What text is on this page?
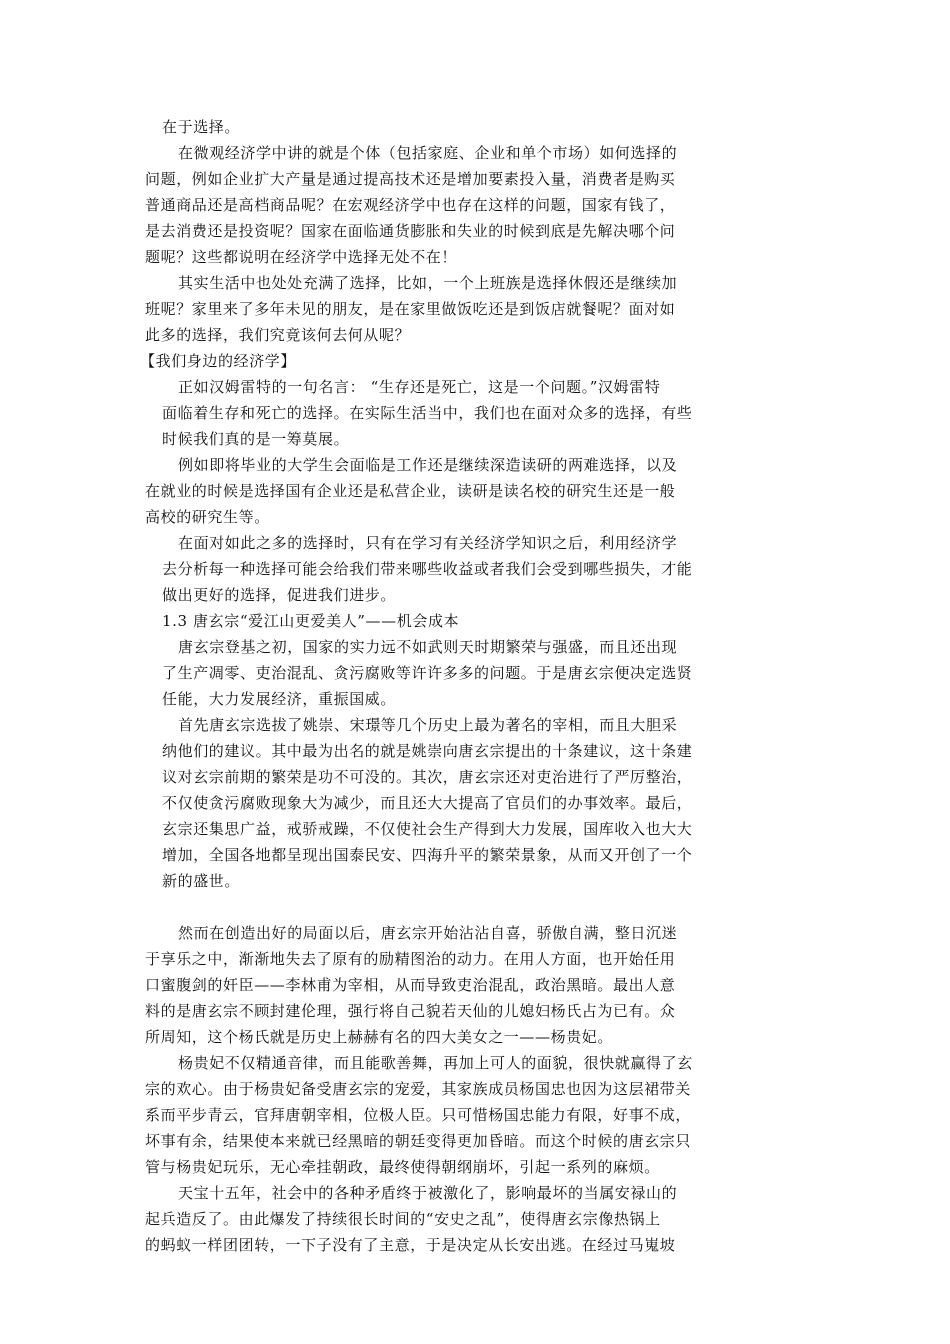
在于选择。
在微观经济学中讲的就是个体（包括家庭、企业和单个市场）如何选择的
问题，例如企业扩大产量是通过提高技术还是增加要素投入量，消费者是购买
普通商品还是高档商品呢？在宏观经济学中也存在这样的问题，国家有钱了，
是去消费还是投资呢？国家在面临通货膨胀和失业的时候到底是先解决哪个问
题呢？这些都说明在经济学中选择无处不在！
其实生活中也处处充满了选择，比如，一个上班族是选择休假还是继续加
班呢？家里来了多年未见的朋友，是在家里做饭吃还是到饭店就餐呢？面对如
此多的选择，我们究竟该何去何从呢？
【我们身边的经济学】
正如汉姆雷特的一句名言： “生存还是死亡，这是一个问题。”汉姆雷特
面临着生存和死亡的选择。在实际生活当中，我们也在面对众多的选择，有些
时候我们真的是一筹莫展。
例如即将毕业的大学生会面临是工作还是继续深造读研的两难选择，以及
在就业的时候是选择国有企业还是私营企业，读研是读名校的研究生还是一般
高校的研究生等。
在面对如此之多的选择时，只有在学习有关经济学知识之后，利用经济学
去分析每一种选择可能会给我们带来哪些收益或者我们会受到哪些损失，才能
做出更好的选择，促进我们进步。
1.3 唐玄宗“爱江山更爱美人”——机会成本
唐玄宗登基之初，国家的实力远不如武则天时期繁荣与强盛，而且还出现
了生产凋零、吏治混乱、贪污腐败等许许多多的问题。于是唐玄宗便决定选贤
任能，大力发展经济，重振国威。
首先唐玄宗选拔了姚崇、宋璟等几个历史上最为著名的宰相，而且大胆采
纳他们的建议。其中最为出名的就是姚崇向唐玄宗提出的十条建议，这十条建
议对玄宗前期的繁荣是功不可没的。其次，唐玄宗还对吏治进行了严厉整治，
不仅使贪污腐败现象大为减少，而且还大大提高了官员们的办事效率。最后，
玄宗还集思广益，戒骄戒躁，不仅使社会生产得到大力发展，国库收入也大大
增加，全国各地都呈现出国泰民安、四海升平的繁荣景象，从而又开创了一个
新的盛世。
然而在创造出好的局面以后，唐玄宗开始沾沾自喜，骄傲自满，整日沉迷
于享乐之中，渐渐地失去了原有的励精图治的动力。在用人方面，也开始任用
口蜜腹剑的奸臣——李林甫为宰相，从而导致吏治混乱，政治黑暗。最出人意
料的是唐玄宗不顾封建伦理，强行将自己貌若天仙的儿媳妇杨氏占为已有。众
所周知，这个杨氏就是历史上赫赫有名的四大美女之一——杨贵妃。
杨贵妃不仅精通音律，而且能歌善舞，再加上可人的面貌，很快就赢得了玄
宗的欢心。由于杨贵妃备受唐玄宗的宠爱，其家族成员杨国忠也因为这层裙带关
系而平步青云，官拜唐朝宰相，位极人臣。只可惜杨国忠能力有限，好事不成，
坏事有余，结果使本来就已经黑暗的朝廷变得更加昏暗。而这个时候的唐玄宗只
管与杨贵妃玩乐，无心牵挂朝政，最终使得朝纲崩坏，引起一系列的麻烦。
天宝十五年，社会中的各种矛盾终于被激化了，影响最坏的当属安禄山的
起兵造反了。由此爆发了持续很长时间的“安史之乱”，使得唐玄宗像热锅上
的蚂蚁一样团团转，一下子没有了主意，于是决定从长安出逃。在经过马嵬坡
